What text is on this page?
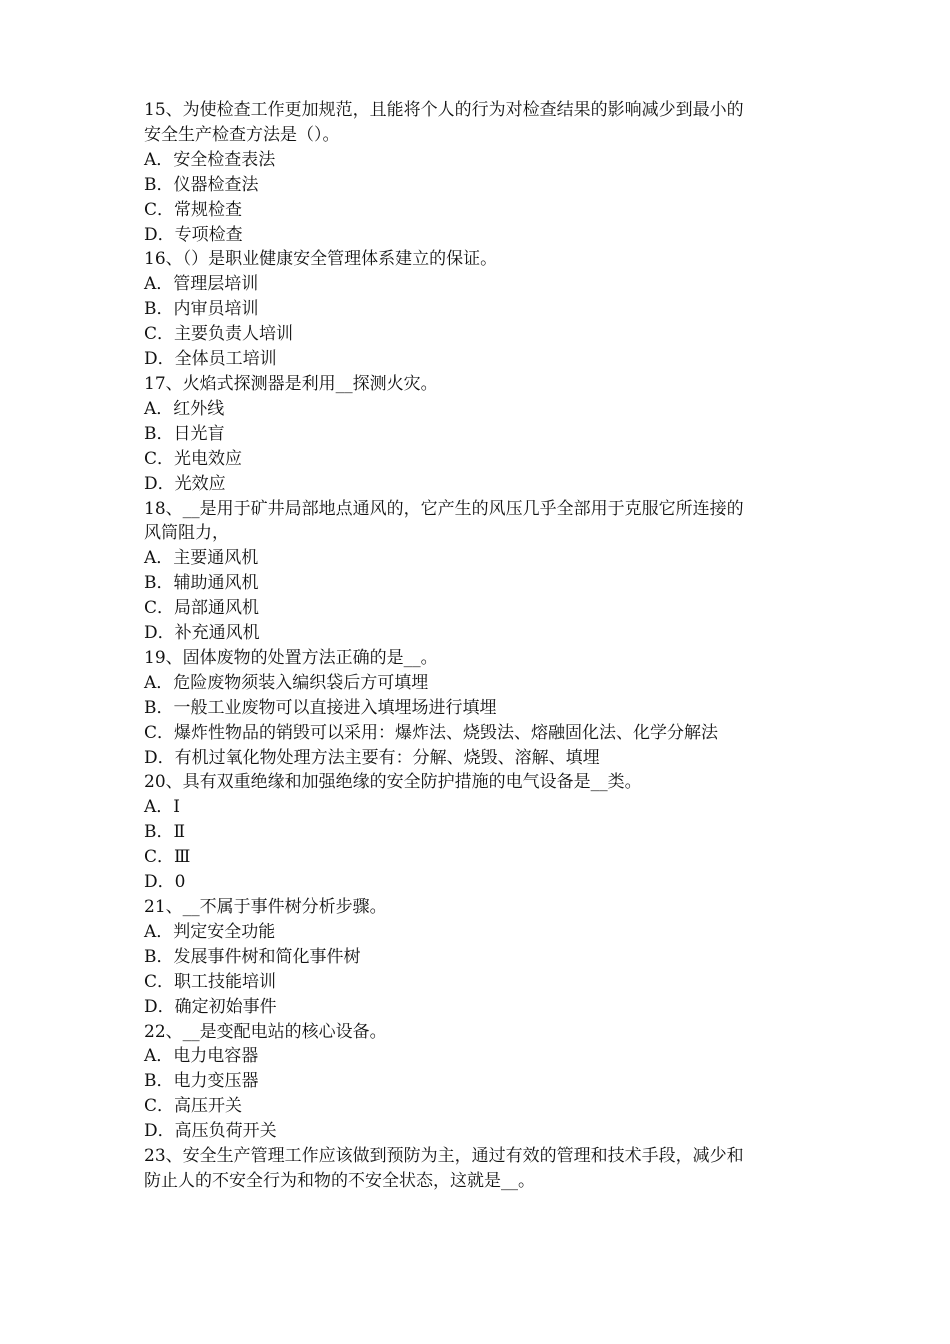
15、为使检查工作更加规范，且能将个人的行为对检查结果的影响减少到最小的

安全生产检查方法是（）。

A．安全检查表法

B．仪器检查法

C．常规检查

D．专项检查

16、（）是职业健康安全管理体系建立的保证。

A．管理层培训

B．内审员培训

C．主要负责人培训

D．全体员工培训

17、火焰式探测器是利用__探测火灾。

A．红外线

B．日光盲

C．光电效应

D．光效应

18、__是用于矿井局部地点通风的，它产生的风压几乎全部用于克服它所连接的

风筒阻力，

A．主要通风机

B．辅助通风机

C．局部通风机

D．补充通风机

19、固体废物的处置方法正确的是__。

A．危险废物须装入编织袋后方可填埋

B．一般工业废物可以直接进入填埋场进行填埋

C．爆炸性物品的销毁可以采用：爆炸法、烧毁法、熔融固化法、化学分解法

D．有机过氧化物处理方法主要有：分解、烧毁、溶解、填埋

20、具有双重绝缘和加强绝缘的安全防护措施的电气设备是__类。

A．Ⅰ

B．Ⅱ

C．Ⅲ

D．0

21、__不属于事件树分析步骤。

A．判定安全功能

B．发展事件树和简化事件树

C．职工技能培训

D．确定初始事件

22、__是变配电站的核心设备。

A．电力电容器

B．电力变压器

C．高压开关

D．高压负荷开关

23、安全生产管理工作应该做到预防为主，通过有效的管理和技术手段，减少和

防止人的不安全行为和物的不安全状态，这就是__。
